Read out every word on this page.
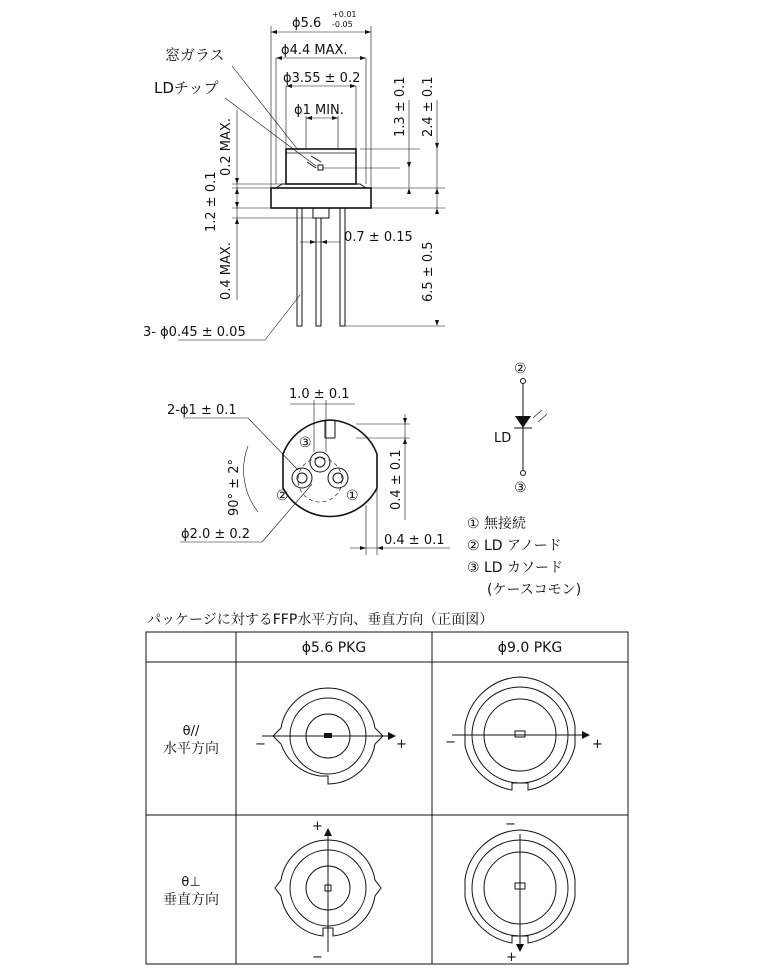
ϕ5.6
+0.01
-0.05
ϕ4.4 MAX.
ϕ3.55 ± 0.2
ϕ1 MIN.
窓ガラス
LDチップ	1.3 ± 0.1 2.4 ± 0.1
6.5 ± 0.5
0.2 MAX.
1.2 ± 0.1
0.4 MAX.
0.7 ± 0.15
3- ϕ0.45 ± 0.05
③
②	①
1.0 ± 0.1
2-ϕ1 ± 0.1
90° ± 2°
ϕ2.0 ± 0.2
0.4 ± 0.1
0.4 ± 0.1
②
LD
③
① 無接続
② LD アノード
③ LD カソード
(ケースコモン)
パッケージに対するFFP水平方向、垂直方向（正面図）
ϕ5.6 PKG	ϕ9.0 PKG
θ//
水平方向
θ⊥
垂直方向
−	+	−	+
+
−
−
+
